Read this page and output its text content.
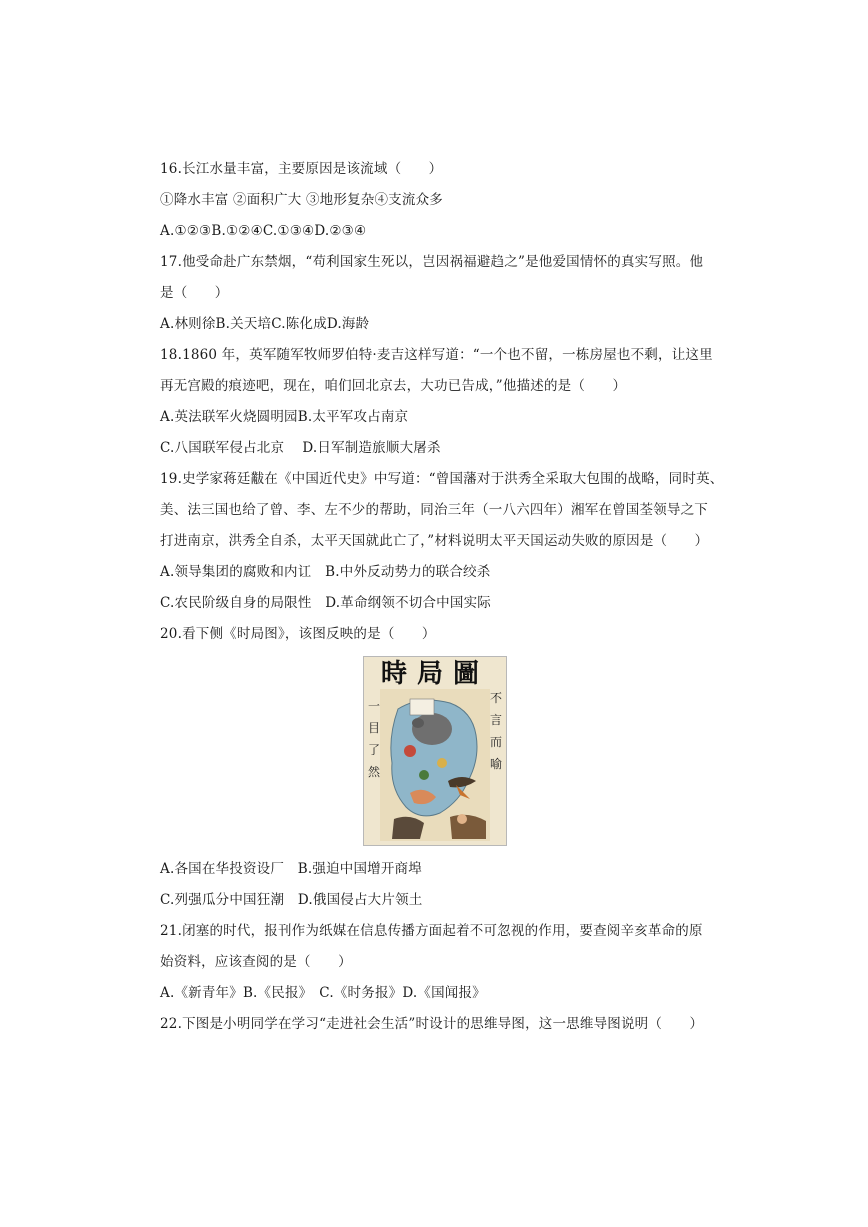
16.长江水量丰富，主要原因是该流域（　　）
①降水丰富 ②面积广大 ③地形复杂④支流众多
A.①②③B.①②④C.①③④D.②③④
17.他受命赴广东禁烟，“苟利国家生死以，岂因祸福避趋之”是他爱国情怀的真实写照。他
是（　　）
A.林则徐B.关天培C.陈化成D.海龄
18.1860 年，英军随军牧师罗伯特·麦吉这样写道：“一个也不留，一栋房屋也不剩，让这里
再无宫殿的痕迹吧，现在，咱们回北京去，大功已告成，”他描述的是（　　）
A.英法联军火烧圆明园B.太平军攻占南京
C.八国联军侵占北京　 D.日军制造旅顺大屠杀
19.史学家蒋廷黻在《中国近代史》中写道：“曾国藩对于洪秀全采取大包围的战略，同时英、
美、法三国也给了曾、李、左不少的帮助，同治三年（一八六四年）湘军在曾国荃领导之下
打进南京，洪秀全自杀，太平天国就此亡了，”材料说明太平天国运动失败的原因是（　　）
A.领导集团的腐败和内讧　B.中外反动势力的联合绞杀
C.农民阶级自身的局限性　D.革命纲领不切合中国实际
20.看下侧《时局图》，该图反映的是（　　）
時局圖
一目了然
不言而喻
A.各国在华投资设厂　B.强迫中国增开商埠
C.列强瓜分中国狂潮　D.俄国侵占大片领土
21.闭塞的时代，报刊作为纸媒在信息传播方面起着不可忽视的作用，要查阅辛亥革命的原
始资料，应该查阅的是（　　）
A.《新青年》B.《民报》　C.《时务报》D.《国闻报》
22.下图是小明同学在学习“走进社会生活”时设计的思维导图，这一思维导图说明（　　）
